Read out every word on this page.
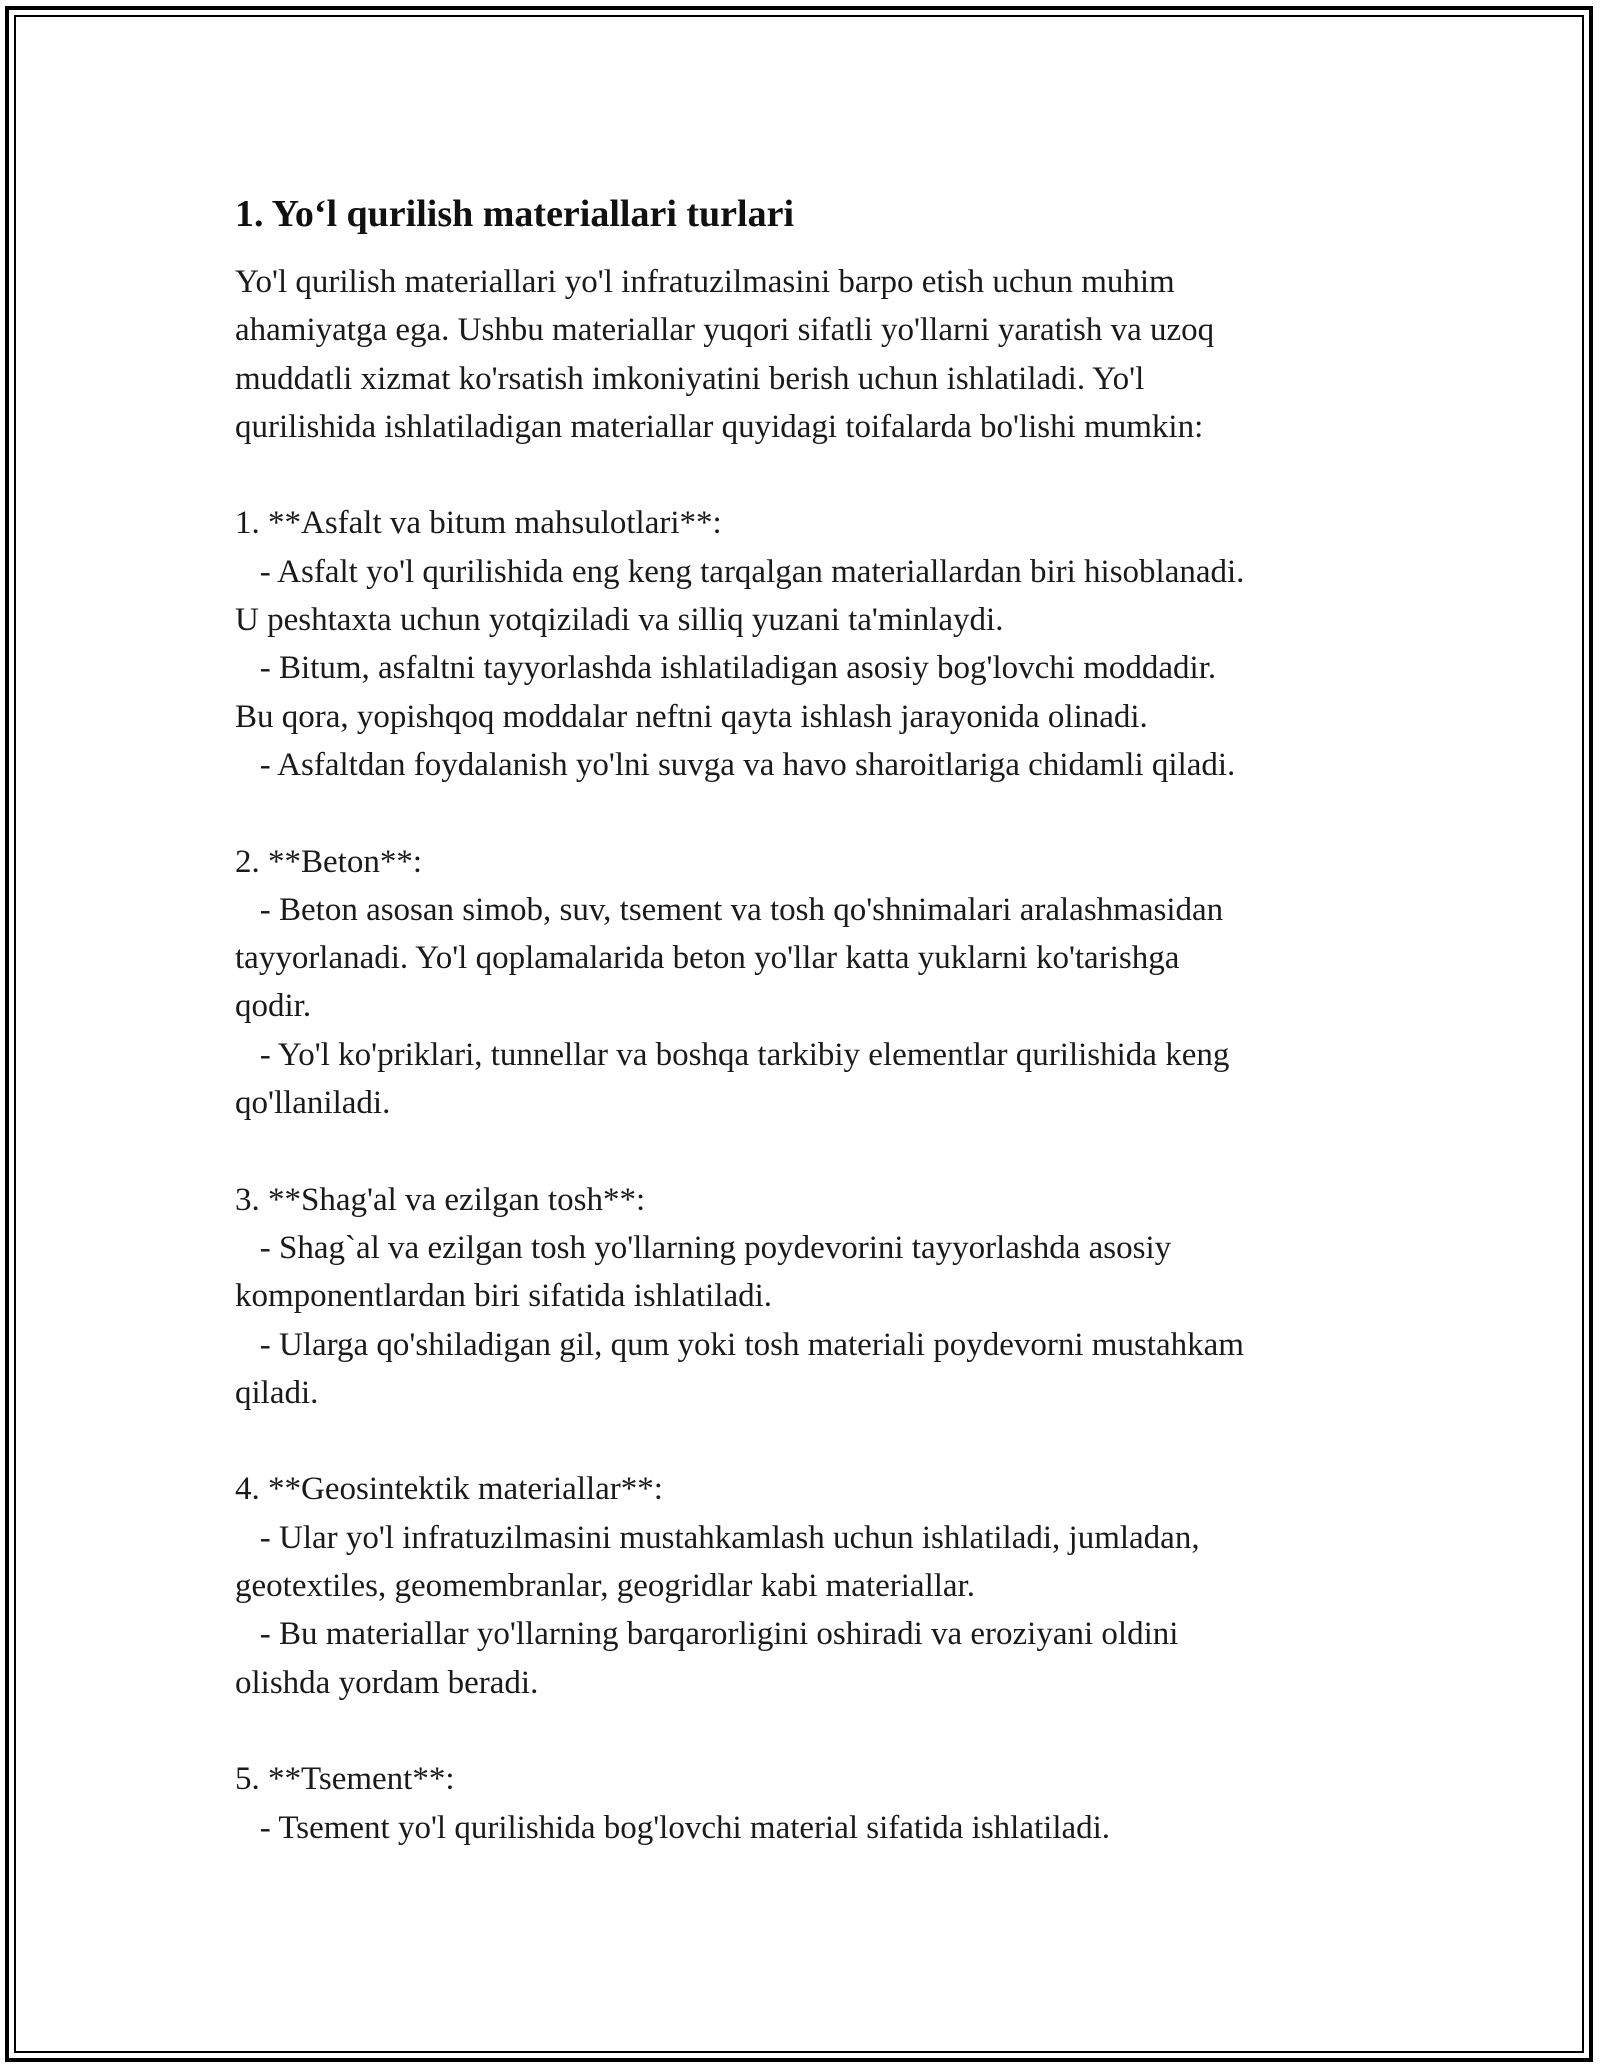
1. Yo‘l qurilish materiallari turlari

Yo'l qurilish materiallari yo'l infratuzilmasini barpo etish uchun muhim
ahamiyatga ega. Ushbu materiallar yuqori sifatli yo'llarni yaratish va uzoq
muddatli xizmat ko'rsatish imkoniyatini berish uchun ishlatiladi. Yo'l
qurilishida ishlatiladigan materiallar quyidagi toifalarda bo'lishi mumkin:

1. **Asfalt va bitum mahsulotlari**:

- Asfalt yo'l qurilishida eng keng tarqalgan materiallardan biri hisoblanadi.
U peshtaxta uchun yotqiziladi va silliq yuzani ta'minlaydi.
- Bitum, asfaltni tayyorlashda ishlatiladigan asosiy bog'lovchi moddadir.
Bu qora, yopishqoq moddalar neftni qayta ishlash jarayonida olinadi.
- Asfaltdan foydalanish yo'lni suvga va havo sharoitlariga chidamli qiladi.

2. **Beton**:

- Beton asosan simob, suv, tsement va tosh qo'shnimalari aralashmasidan
tayyorlanadi. Yo'l qoplamalarida beton yo'llar katta yuklarni ko'tarishga
qodir.
- Yo'l ko'priklari, tunnellar va boshqa tarkibiy elementlar qurilishida keng
qo'llaniladi.

3. **Shag'al va ezilgan tosh**:

- Shag`al va ezilgan tosh yo'llarning poydevorini tayyorlashda asosiy
komponentlardan biri sifatida ishlatiladi.
- Ularga qo'shiladigan gil, qum yoki tosh materiali poydevorni mustahkam
qiladi.

4. **Geosintektik materiallar**:

- Ular yo'l infratuzilmasini mustahkamlash uchun ishlatiladi, jumladan,
geotextiles, geomembranlar, geogridlar kabi materiallar.
- Bu materiallar yo'llarning barqarorligini oshiradi va eroziyani oldini
olishda yordam beradi.

5. **Tsement**:

- Tsement yo'l qurilishida bog'lovchi material sifatida ishlatiladi.
